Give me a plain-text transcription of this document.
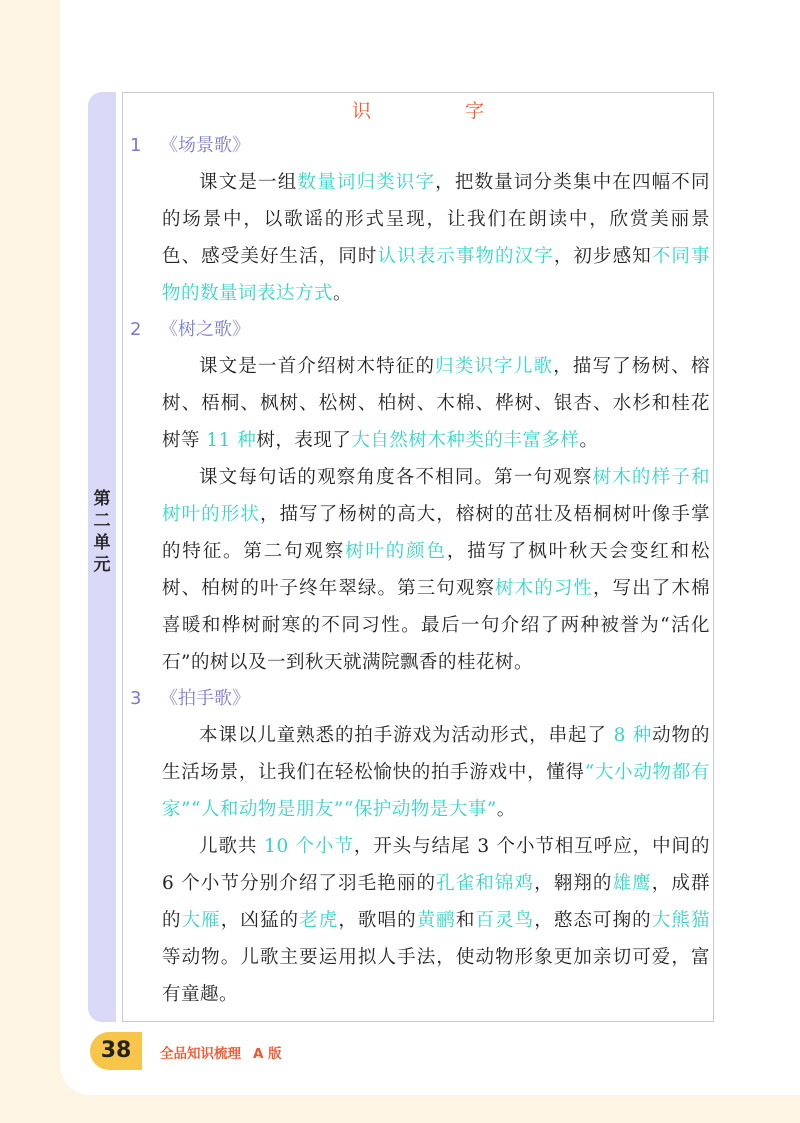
第二单元
识 字
1 《场景歌》

课文是一组数量词归类识字，把数量词分类集中在四幅不同的场景中，以歌谣的形式呈现，让我们在朗读中，欣赏美丽景色、感受美好生活，同时认识表示事物的汉字，初步感知不同事物的数量词表达方式。

2 《树之歌》

课文是一首介绍树木特征的归类识字儿歌，描写了杨树、榕树、梧桐、枫树、松树、柏树、木棉、桦树、银杏、水杉和桂花树等 11 种树，表现了大自然树木种类的丰富多样。

课文每句话的观察角度各不相同。第一句观察树木的样子和树叶的形状，描写了杨树的高大，榕树的茁壮及梧桐树叶像手掌的特征。第二句观察树叶的颜色，描写了枫叶秋天会变红和松树、柏树的叶子终年翠绿。第三句观察树木的习性，写出了木棉喜暖和桦树耐寒的不同习性。最后一句介绍了两种被誉为“活化石”的树以及一到秋天就满院飘香的桂花树。

3 《拍手歌》

本课以儿童熟悉的拍手游戏为活动形式，串起了 8 种动物的生活场景，让我们在轻松愉快的拍手游戏中，懂得“大小动物都有家”“人和动物是朋友”“保护动物是大事”。

儿歌共 10 个小节，开头与结尾 3 个小节相互呼应，中间的 6 个小节分别介绍了羽毛艳丽的孔雀和锦鸡，翱翔的雄鹰，成群的大雁，凶猛的老虎，歌唱的黄鹂和百灵鸟，憨态可掬的大熊猫等动物。儿歌主要运用拟人手法，使动物形象更加亲切可爱，富有童趣。

38	全品知识梳理 A 版
